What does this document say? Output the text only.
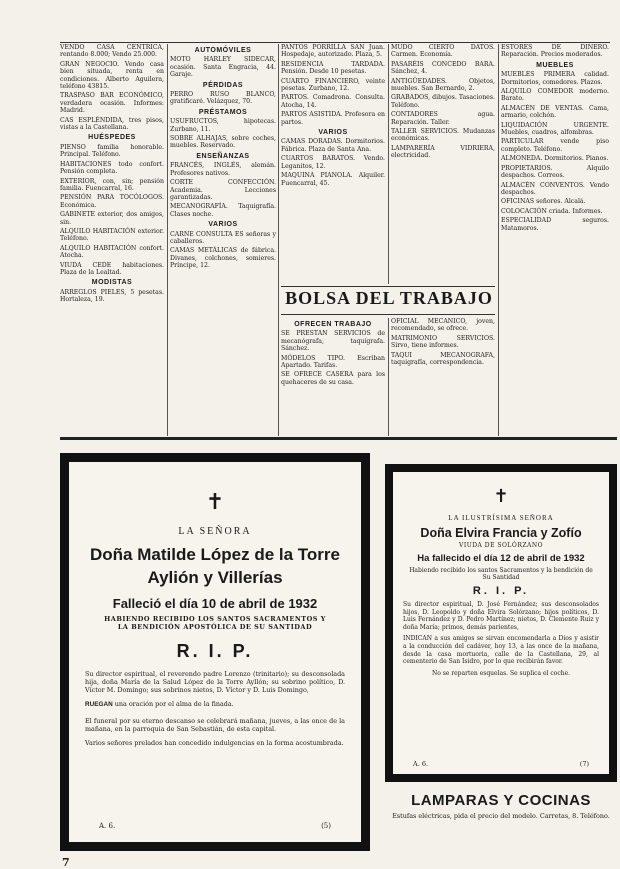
VENDO CASA CÉNTRICA, rentando 8.000; Vendo 25.000.

GRAN NEGOCIO. Vendo casa bien situada, renta en condiciones. Alberto Aguilera, teléfono 43815.

TRASPASO BAR ECONÓMICO, verdadera ocasión. Informes: Madrid.

CAS ESPLÉNDIDA, tres pisos, vistas a la Castellana.

HUÉSPEDES

PIENSO familia honorable. Principal. Teléfono.

HABITACIONES todo confort. Pensión completa.

EXTERIOR, con, sin; pensión familia. Fuencarral, 16.

PENSIÓN PARA TOCÓLOGOS. Económica.

GABINETE exterior, dos amigos, sin.

ALQUILO HABITACIÓN exterior. Teléfono.

ALQUILO HABITACIÓN confort. Atocha.

VIUDA CEDE habitaciones. Plaza de la Lealtad.

MODISTAS

ARREGLOS PIELES, 5 pesetas. Hortaleza, 19.

AUTOMÓVILES

MOTO HARLEY SIDECAR, ocasión. Santa Engracia, 44. Garaje.

PÉRDIDAS

PERRO RUSO BLANCO, gratificaré. Velázquez, 70.

PRÉSTAMOS

USUFRUCTOS, hipotecas. Zurbano, 11.

SOBRE ALHAJAS, sobre coches, muebles. Reservado.

ENSEÑANZAS

FRANCÉS, INGLÉS, alemán. Profesores nativos.

CORTE CONFECCIÓN. Academia. Lecciones garantizadas.

MECANOGRAFÍA. Taquigrafía. Clases noche.

VARIOS

CARNE CONSULTA ES señoras y caballeros.

CAMAS METÁLICAS de fábrica. Divanes, colchones, somieres. Príncipe, 12.

PANTOS PORRILLA SAN Juan. Hospedaje, autorizado. Plaza, 5.

RESIDENCIA TARDADA. Pensión. Desde 10 pesetas.

CUARTO FINANCIERO, veinte pesetas. Zurbano, 12.

PARTOS. Comadrona. Consulta. Atocha, 14.

PARTOS ASISTIDA. Profesora en partos.

VARIOS

CAMAS DORADAS. Dormitorios. Fábrica. Plaza de Santa Ana.

CUARTOS BARATOS. Vendo. Leganitos, 12.

MAQUINA PIANOLA. Alquiler. Fuencarral, 45.

MUDO CIERTO DATOS. Carmen. Economía.

PASARÉIS CONCEDO BARA. Sánchez, 4.

ANTIGÜEDADES. Objetos, muebles. San Bernardo, 2.

GRABADOS, dibujos. Tasaciones. Teléfono.

CONTADORES agua. Reparación. Taller.

TALLER SERVICIOS. Mudanzas económicas.

LAMPARERÍA VIDRIERA, electricidad.

ESTORES DE DINERO. Reparación. Precios moderados.

MUEBLES

MUEBLES PRIMERA calidad. Dormitorios, comedores. Plazos.

ALQUILO COMEDOR moderno. Barato.

ALMACÉN DE VENTAS. Cama, armario, colchón.

LIQUIDACIÓN URGENTE. Muebles, cuadros, alfombras.

PARTICULAR vende piso completo. Teléfono.

ALMONEDA. Dormitorios. Pianos.

PROPIETARIOS. Alquilo despachos. Correos.

ALMACÉN CONVENTOS. Vendo despachos.

OFICINAS señores. Alcalá.

COLOCACIÓN criada. Informes.

ESPECIALIDAD seguros. Matamoros.

BOLSA DEL TRABAJO
OFRECEN TRABAJO

SE PRESTAN SERVICIOS de mecanógrafa, taquígrafa. Sánchez.

MÓDELOS TIPO. Escriban Apartado. Tarifas.

SE OFRECE CASERA para los quehaceres de su casa.

OFICIAL MECÁNICO, joven, recomendado, se ofrece.

MATRIMONIO SERVICIOS. Sirvo, tiene informes.

TAQUI MECANOGRAFA, taquigrafía, correspondencia.

✝
LA SEÑORA
Doña Matilde López de la Torre
Aylión y Villerías
Falleció el día 10 de abril de 1932
HABIENDO RECIBIDO LOS SANTOS SACRAMENTOS Y LA BENDICIÓN APOSTÓLICA DE SU SANTIDAD
R. I. P.

Su director espiritual, el reverendo padre Lorenzo (trinitario); su desconsolada hija, doña María de la Salud López de la Torre Ayllón; su sobrino político, D. Víctor M. Domingo; sus sobrinos nietos, D. Víctor y D. Luis Domingo,

RUEGAN una oración por el alma de la finada.

El funeral por su eterno descanso se celebrará mañana, jueves, a las once de la mañana, en la parroquia de San Sebastián, de esta capital.

Varios señores prelados han concedido indulgencias en la forma acostumbrada.

A. 6.	(5)
✝
LA ILUSTRÍSIMA SEÑORA
Doña Elvira Francia y Zofío
VIUDA DE SOLÓRZANO
Ha fallecido el día 12 de abril de 1932
Habiendo recibido los santos Sacramentos y la bendición de Su Santidad
R. I. P.

Su director espiritual, D. José Fernández; sus desconsolados hijos, D. Leopoldo y doña Elvira Solórzano; hijos políticos, D. Luis Fernández y D. Pedro Martínez; nietos, D. Clemente Ruiz y doña María; primos, demás parientes,

INDICAN a sus amigos se sirvan encomendarla a Dios y asistir a la conducción del cadáver, hoy 13, a las once de la mañana, desde la casa mortuoria, calle de la Castellana, 29, al cementerio de San Isidro, por lo que recibirán favor.

No se reparten esquelas. Se suplica el coche.

A. 6.	(7)
LAMPARAS Y COCINAS
Estufas eléctricas, pida el precio del modelo. Carretas, 8. Teléfono.
7
